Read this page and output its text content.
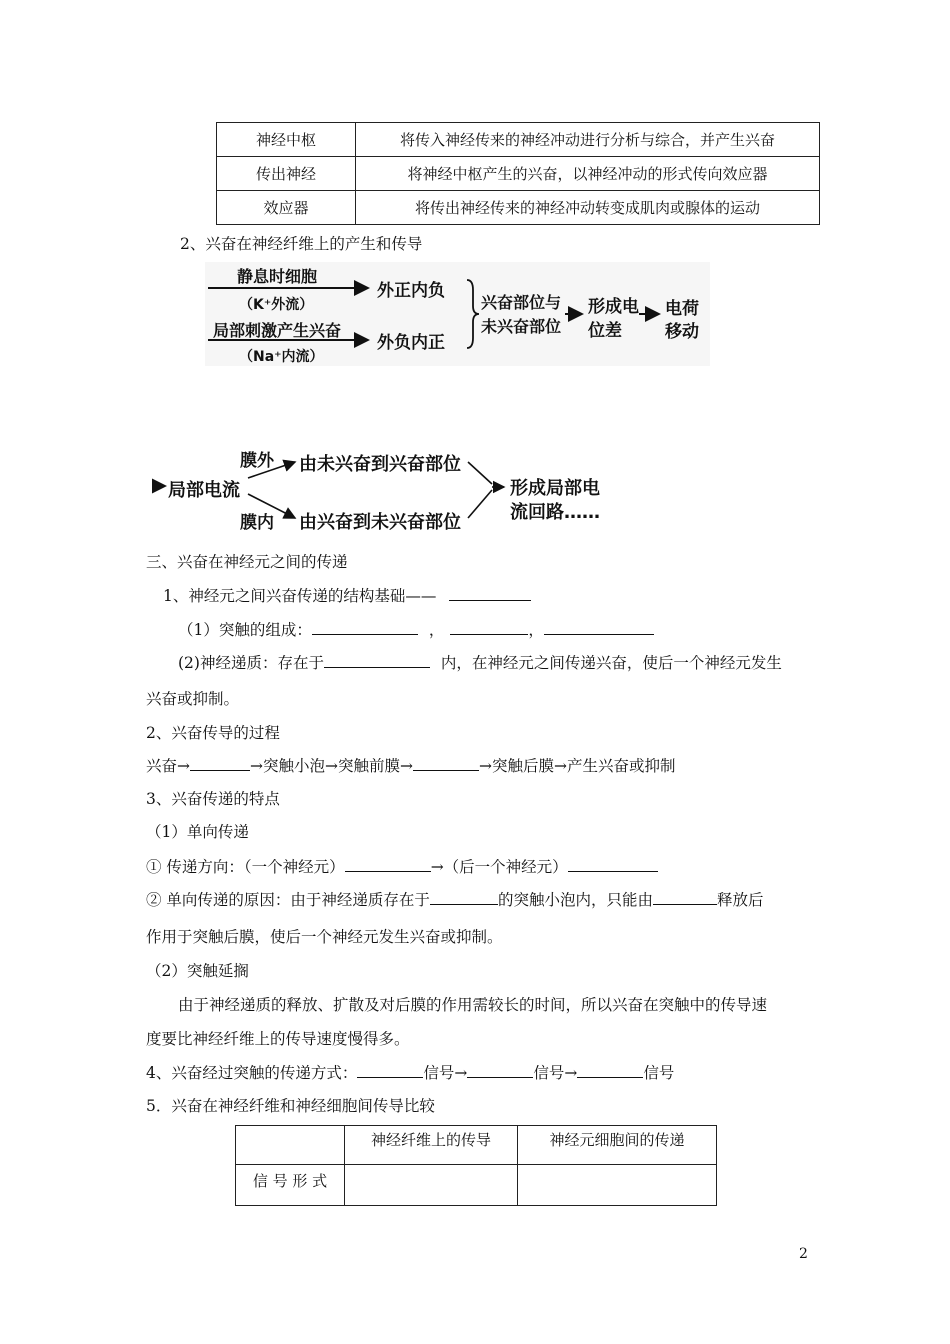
神经中枢	将传入神经传来的神经冲动进行分析与综合，并产生兴奋
传出神经	将神经中枢产生的兴奋，以神经冲动的形式传向效应器
效应器	将传出神经传来的神经冲动转变成肌肉或腺体的运动
2、兴奋在神经纤维上的产生和传导
静息时细胞
（K⁺外流）
局部刺激产生兴奋
（Na⁺内流）
外正内负
外负内正
兴奋部位与
未兴奋部位
形成电
位差
电荷
移动
局部电流
膜外
膜内
由未兴奋到兴奋部位
由兴奋到未兴奋部位
形成局部电
流回路……
三、兴奋在神经元之间的传递
1、神经元之间兴奋传递的结构基础——
（1）突触的组成：	，	，
(2)神经递质：存在于	内，在神经元之间传递兴奋，使后一个神经元发生
兴奋或抑制。
2、兴奋传导的过程
兴奋→	→突触小泡→突触前膜→	→突触后膜→产生兴奋或抑制
3、兴奋传递的特点
（1）单向传递
① 传递方向：（一个神经元）	→（后一个神经元）
② 单向传递的原因：由于神经递质存在于	的突触小泡内，只能由	释放后
作用于突触后膜，使后一个神经元发生兴奋或抑制。
（2）突触延搁
由于神经递质的释放、扩散及对后膜的作用需较长的时间，所以兴奋在突触中的传导速
度要比神经纤维上的传导速度慢得多。
4、兴奋经过突触的传递方式：	信号→	信号→	信号
5．兴奋在神经纤维和神经细胞间传导比较
	神经纤维上的传导	神经元细胞间的传递
信 号 形 式		
2
